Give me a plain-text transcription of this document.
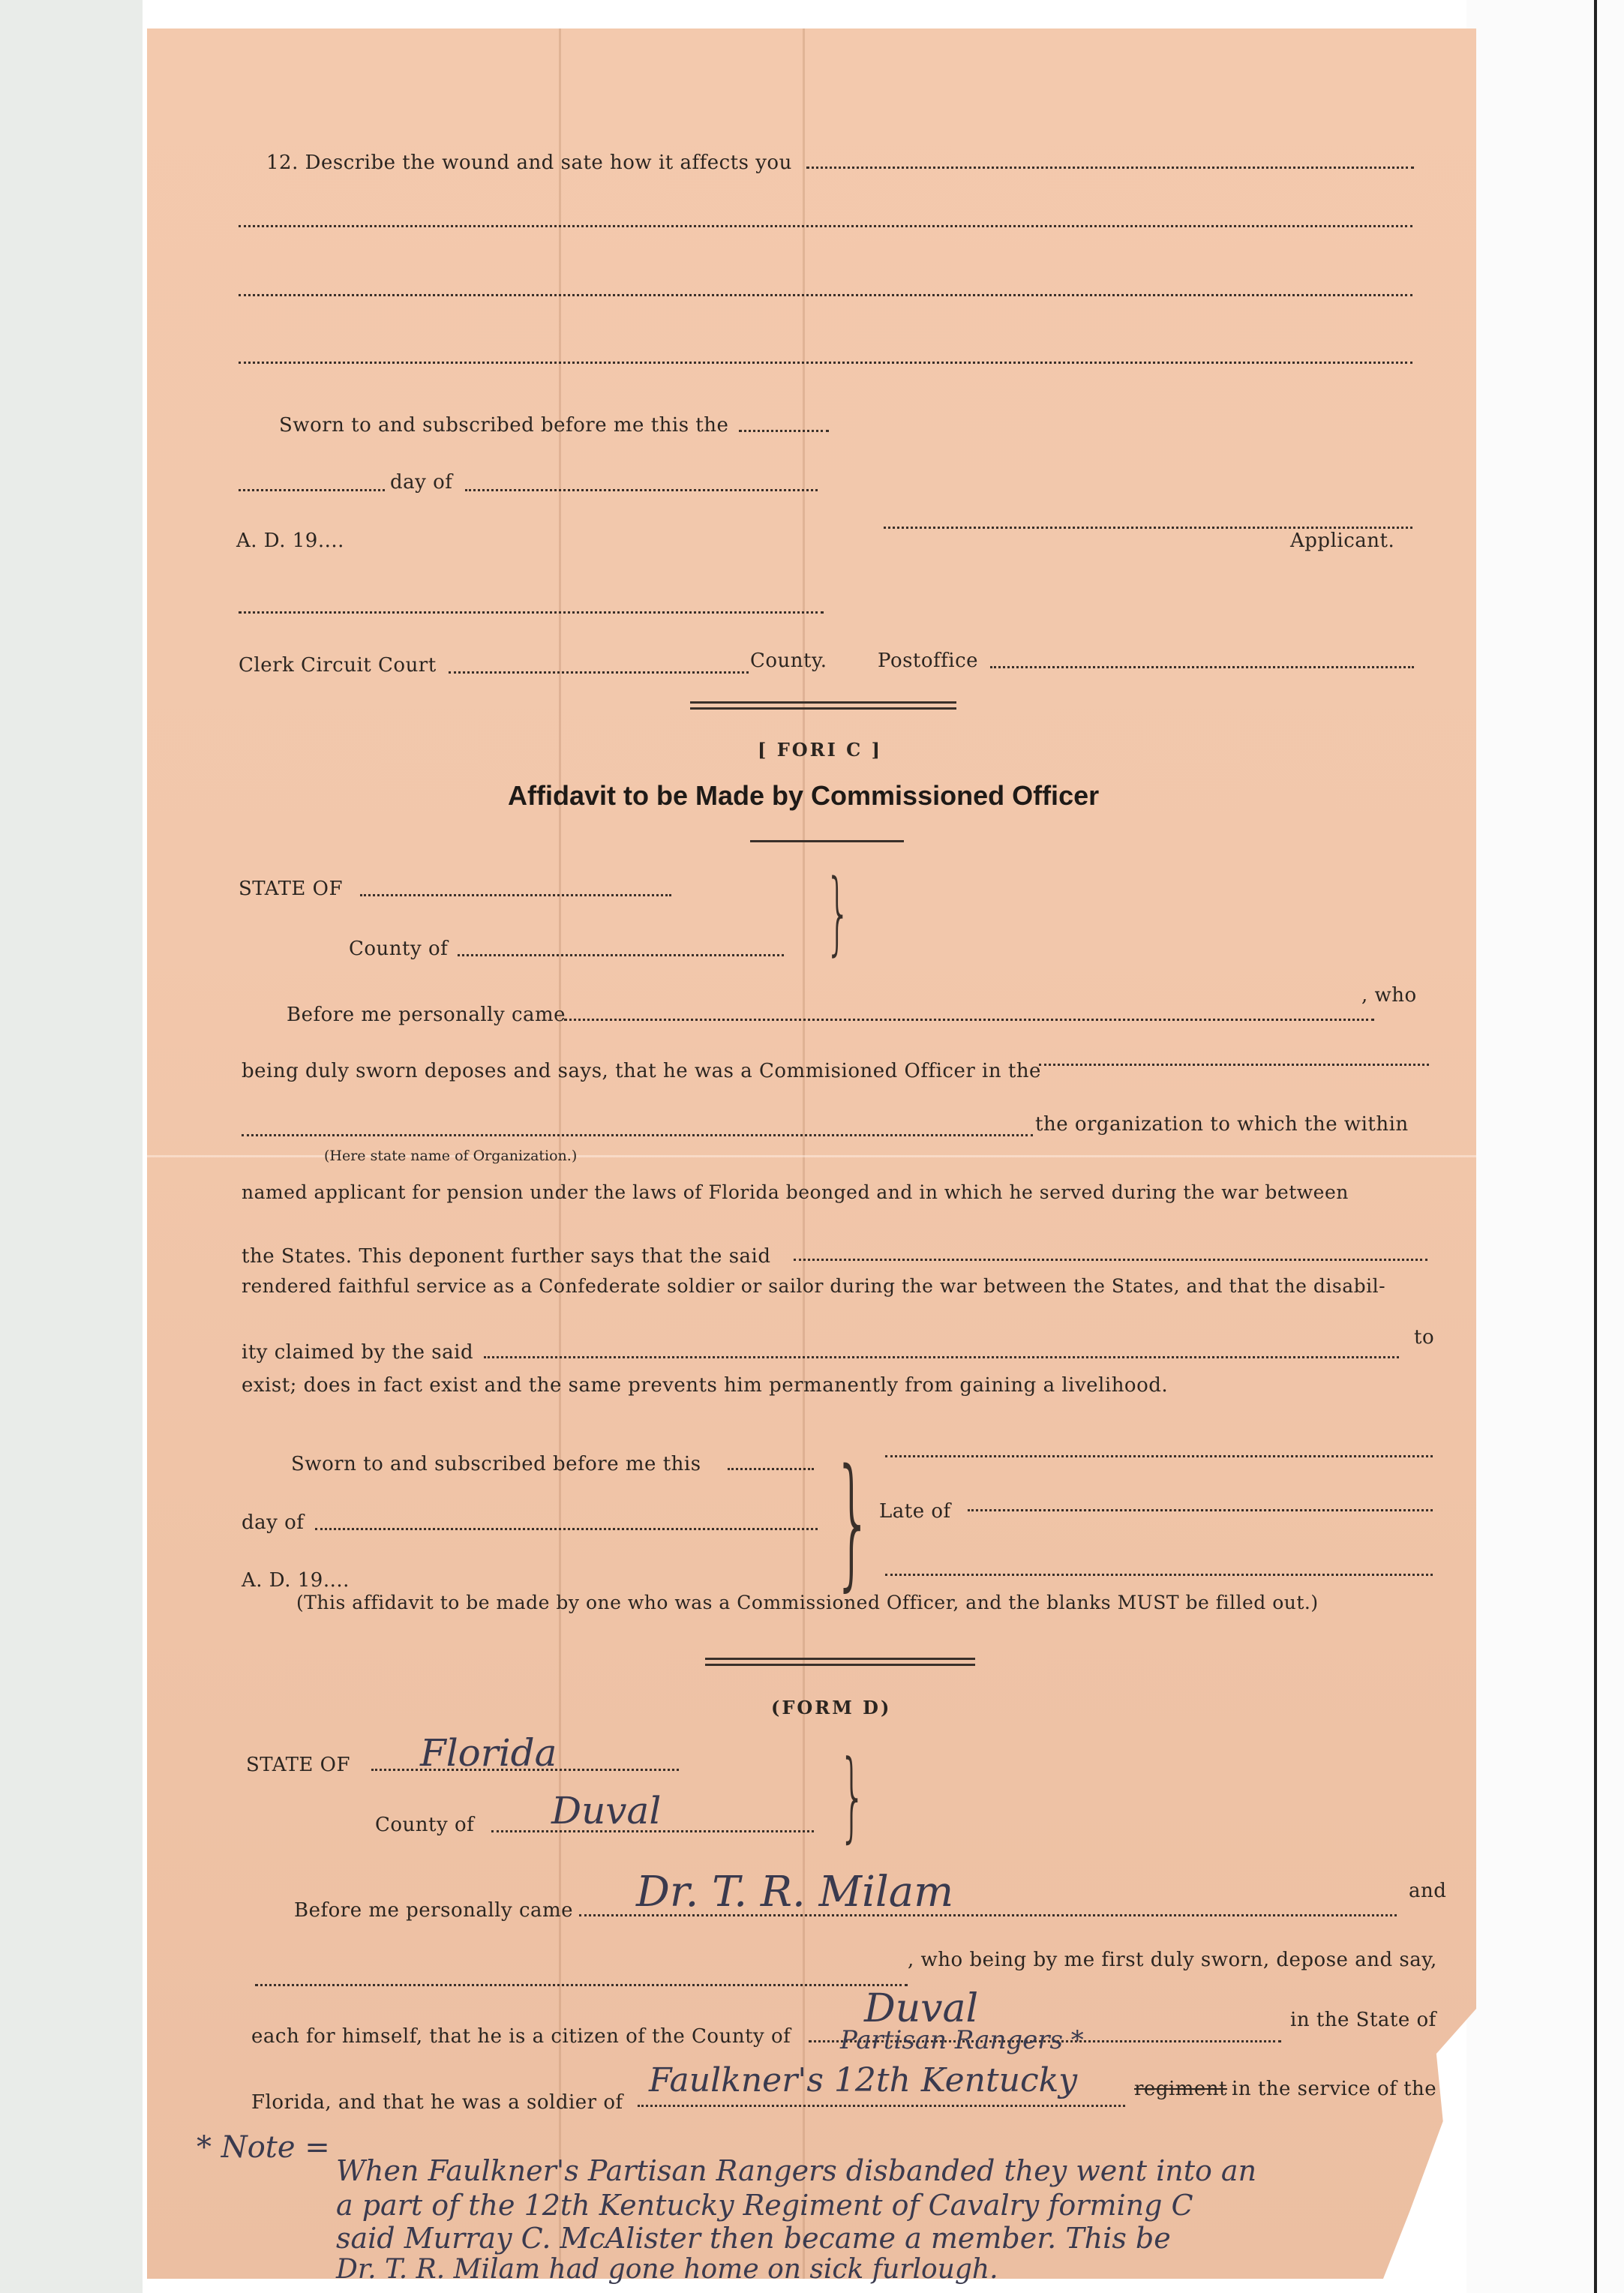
12. Describe the wound and sate how it affects you
Sworn to and subscribed before me this the
day of
A. D. 19....	Applicant.
Clerk Circuit Court	County.	Postoffice
[ FORI C ]
Affidavit to be Made by Commissioned Officer
STATE OF
County of	}
Before me personally came
, who
being duly sworn deposes and says, that he was a Commisioned Officer in the
the organization to which the within
(Here state name of Organization.)
named applicant for pension under the laws of Florida beonged and in which he served during the war between
the States. This deponent further says that the said
rendered faithful service as a Confederate soldier or sailor during the war between the States, and that the disabil-
ity claimed by the said
to
exist; does in fact exist and the same prevents him permanently from gaining a livelihood.
Sworn to and subscribed before me this
day of
A. D. 19....	} Late of
(This affidavit to be made by one who was a Commissioned Officer, and the blanks MUST be filled out.)
(FORM D)
STATE OF Florida
County of Duval }
Before me personally came Dr. T. R. Milam	and
, who being by me first duly sworn, depose and say,
each for himself, that he is a citizen of the County of
Duval	in the State of
Florida, and that he was a soldier of
Faulkner's 12th Kentucky
Partisan Rangers *
regiment in the service of the
* Note =
When Faulkner's Partisan Rangers disbanded they went into an
a part of the 12th Kentucky Regiment of Cavalry forming C
said Murray C. McAlister then became a member. This be
Dr. T. R. Milam had gone home on sick furlough.
